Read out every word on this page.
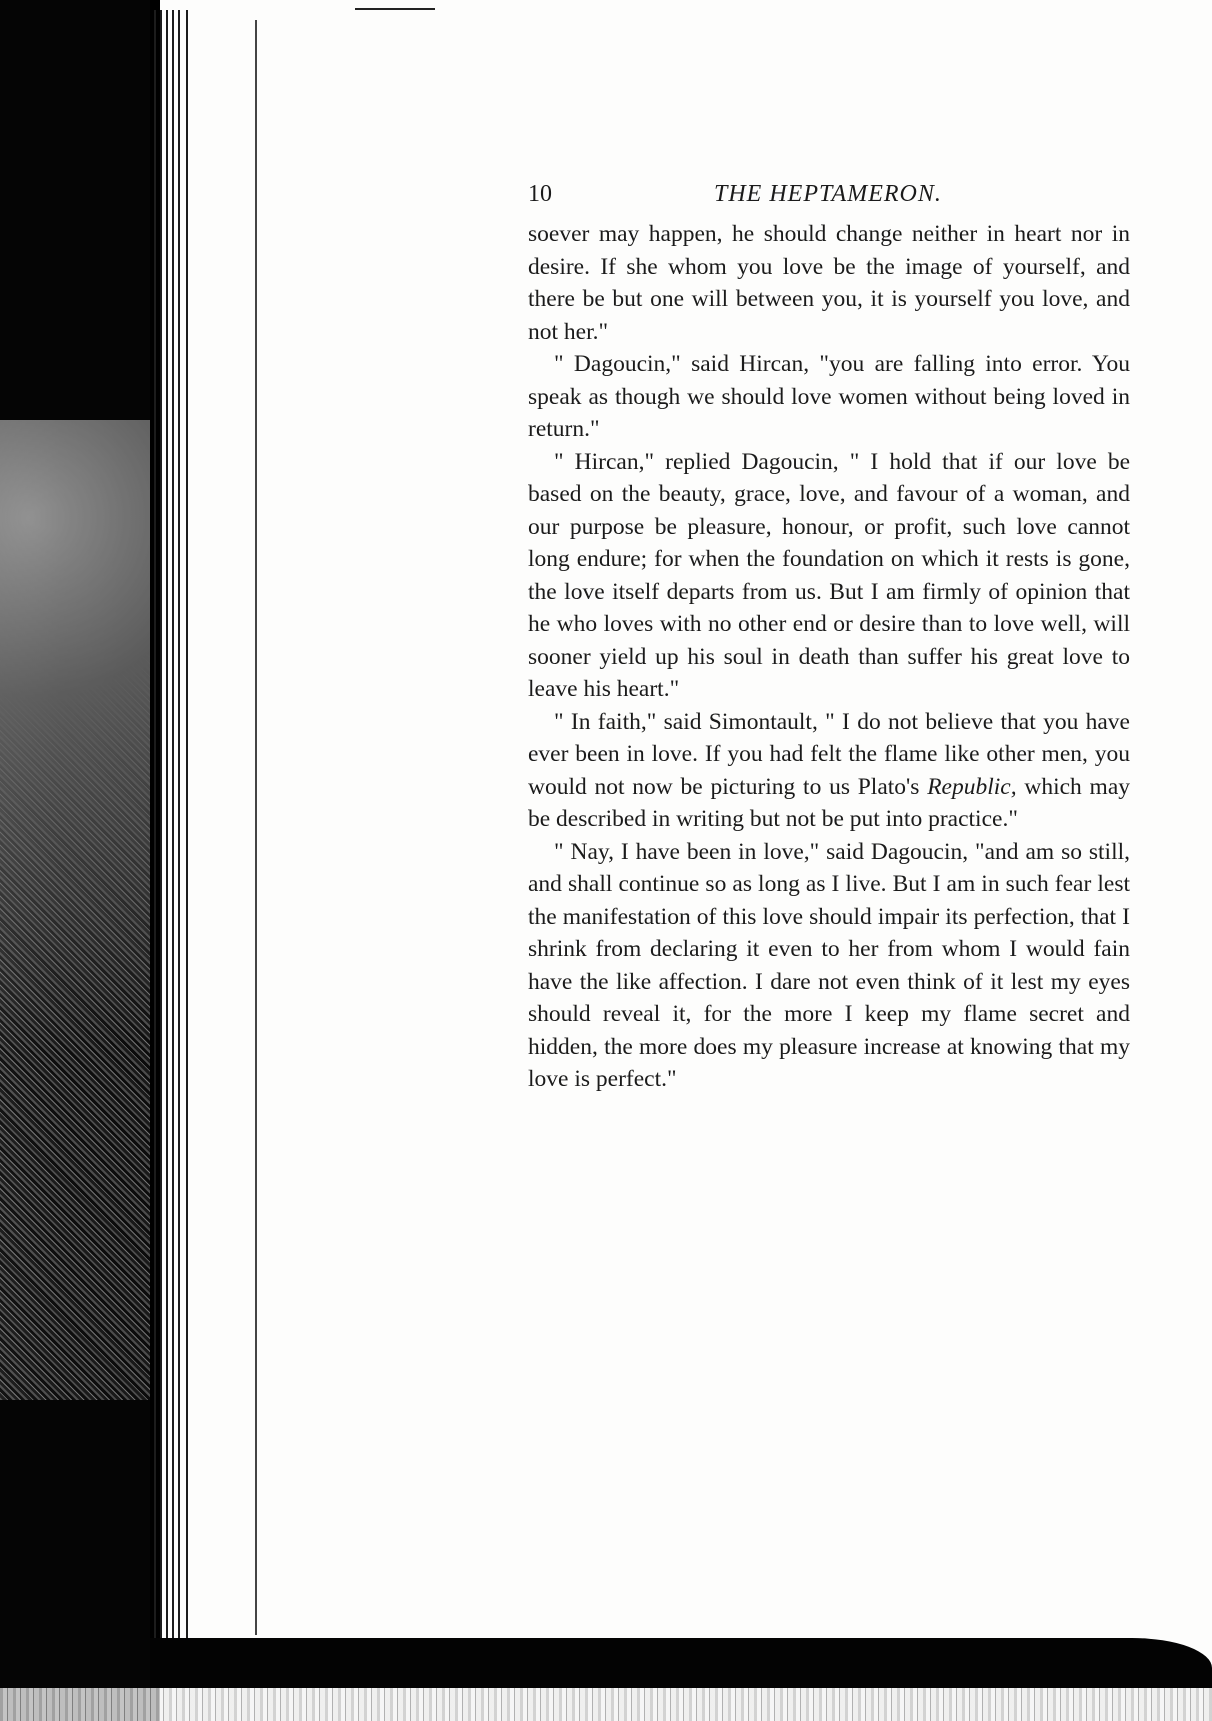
10	THE HEPTAMERON.

soever may happen, he should change neither in heart nor in desire. If she whom you love be the image of yourself, and there be but one will between you, it is yourself you love, and not her."

" Dagoucin," said Hircan, "you are falling into error. You speak as though we should love women without being loved in return."

" Hircan," replied Dagoucin, " I hold that if our love be based on the beauty, grace, love, and favour of a woman, and our purpose be pleasure, honour, or profit, such love cannot long endure; for when the foundation on which it rests is gone, the love itself departs from us. But I am firmly of opinion that he who loves with no other end or desire than to love well, will sooner yield up his soul in death than suffer his great love to leave his heart."

" In faith," said Simontault, " I do not believe that you have ever been in love. If you had felt the flame like other men, you would not now be picturing to us Plato's Republic, which may be described in writing but not be put into practice."

" Nay, I have been in love," said Dagoucin, "and am so still, and shall continue so as long as I live. But I am in such fear lest the manifestation of this love should impair its perfection, that I shrink from declaring it even to her from whom I would fain have the like affection. I dare not even think of it lest my eyes should reveal it, for the more I keep my flame secret and hidden, the more does my pleasure increase at knowing that my love is perfect."
